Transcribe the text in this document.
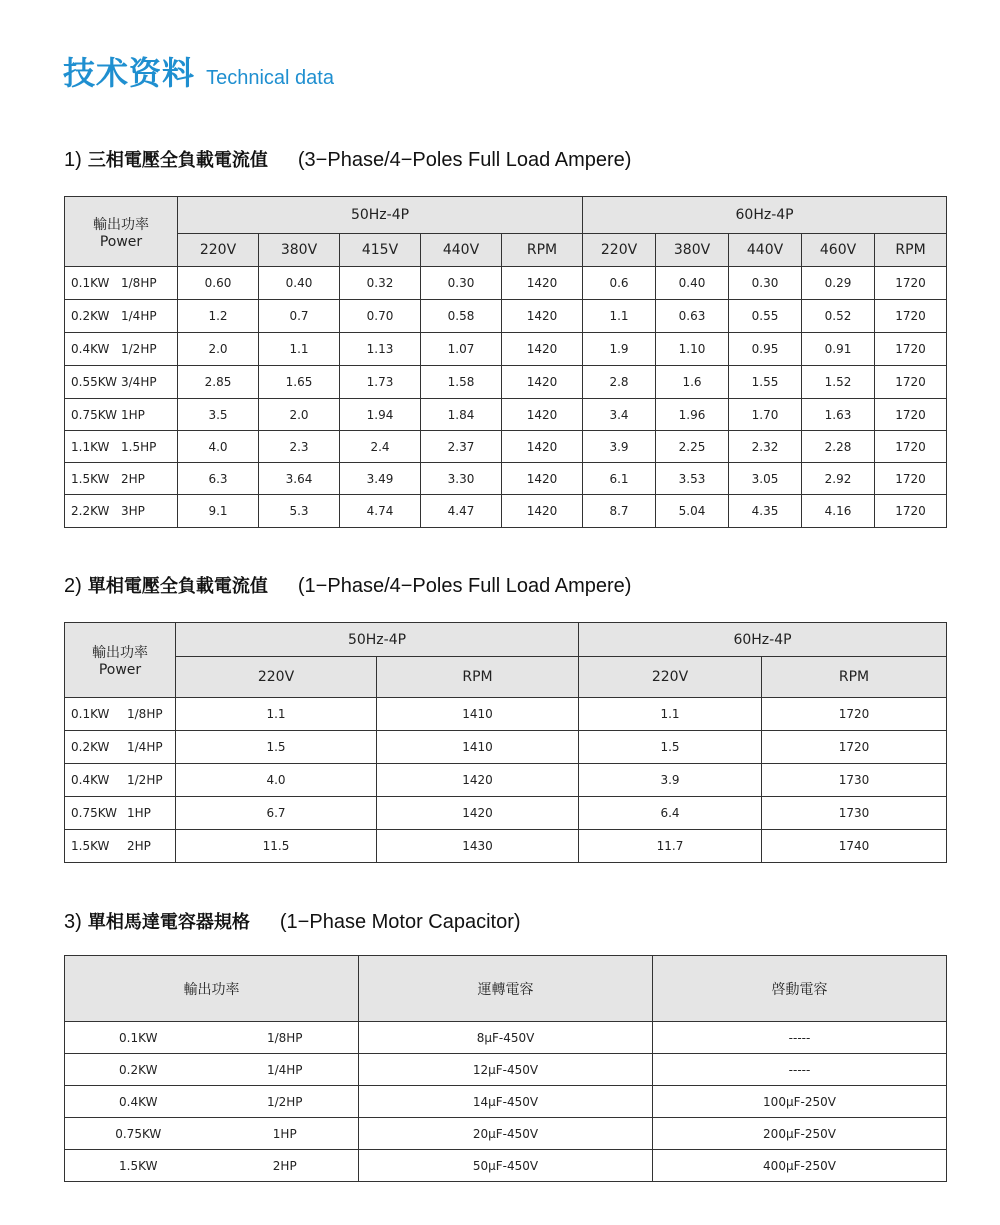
技术资料 Technical data
1) 三相電壓全負載電流值 (3−Phase/4−Poles Full Load Ampere)
輸出功率
Power	50Hz-4P					60Hz-4P				
	220V	380V	415V	440V	RPM	220V	380V	440V	460V	RPM
0.1KW 1/8HP	0.60	0.40	0.32	0.30	1420	0.6	0.40	0.30	0.29	1720
0.2KW 1/4HP	1.2	0.7	0.70	0.58	1420	1.1	0.63	0.55	0.52	1720
0.4KW 1/2HP	2.0	1.1	1.13	1.07	1420	1.9	1.10	0.95	0.91	1720
0.55KW 3/4HP	2.85	1.65	1.73	1.58	1420	2.8	1.6	1.55	1.52	1720
0.75KW 1HP	3.5	2.0	1.94	1.84	1420	3.4	1.96	1.70	1.63	1720
1.1KW 1.5HP	4.0	2.3	2.4	2.37	1420	3.9	2.25	2.32	2.28	1720
1.5KW 2HP	6.3	3.64	3.49	3.30	1420	6.1	3.53	3.05	2.92	1720
2.2KW 3HP	9.1	5.3	4.74	4.47	1420	8.7	5.04	4.35	4.16	1720
2) 單相電壓全負載電流值 (1−Phase/4−Poles Full Load Ampere)
輸出功率
Power	50Hz-4P		60Hz-4P	
	220V	RPM	220V	RPM
0.1KW 1/8HP	1.1	1410	1.1	1720
0.2KW 1/4HP	1.5	1410	1.5	1720
0.4KW 1/2HP	4.0	1420	3.9	1730
0.75KW 1HP	6.7	1420	6.4	1730
1.5KW 2HP	11.5	1430	11.7	1740
3) 單相馬達電容器規格 (1−Phase Motor Capacitor)
輸出功率		運轉電容	啓動電容
0.1KW	1/8HP	8μF-450V	-----
0.2KW	1/4HP	12μF-450V	-----
0.4KW	1/2HP	14μF-450V	100μF-250V
0.75KW	1HP	20μF-450V	200μF-250V
1.5KW	2HP	50μF-450V	400μF-250V
